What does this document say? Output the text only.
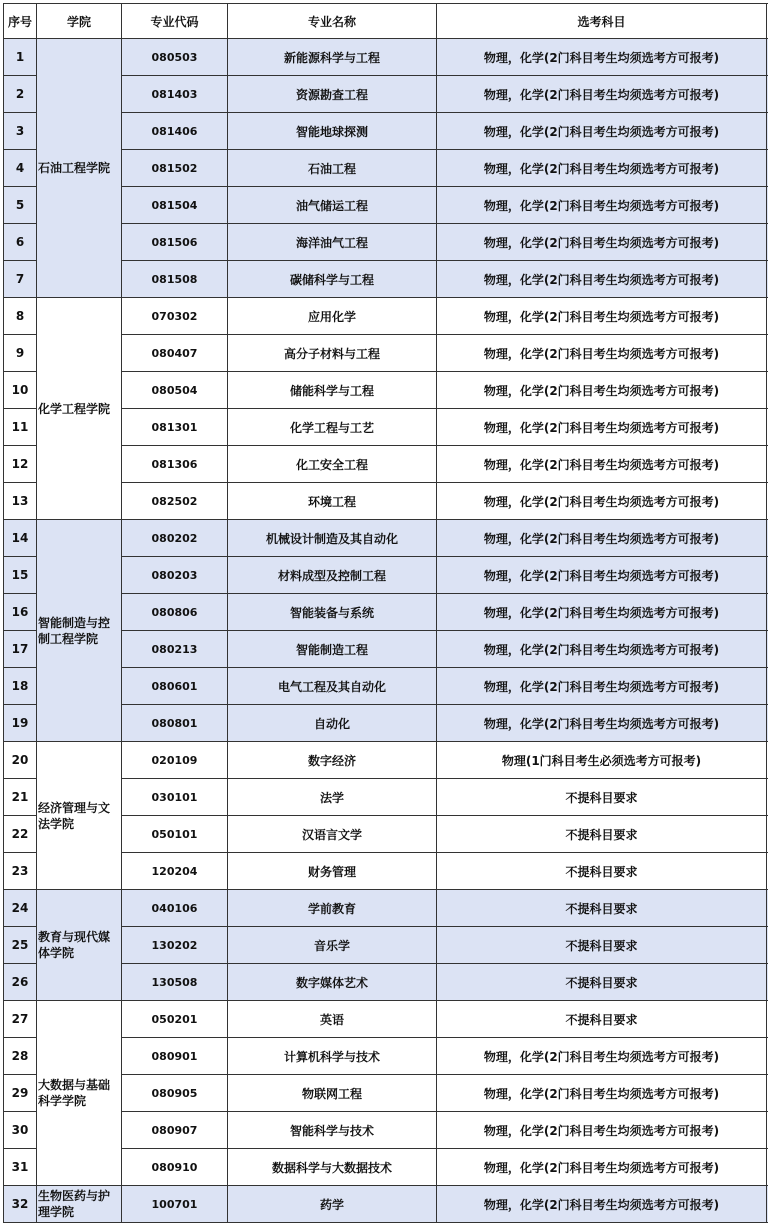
序号	学院	专业代码	专业名称	选考科目	
1	石油工程学院	080503	新能源科学与工程	物理，化学(2门科目考生均须选考方可报考)	
2		081403	资源勘查工程	物理，化学(2门科目考生均须选考方可报考)	
3		081406	智能地球探测	物理，化学(2门科目考生均须选考方可报考)	
4		081502	石油工程	物理，化学(2门科目考生均须选考方可报考)	
5		081504	油气储运工程	物理，化学(2门科目考生均须选考方可报考)	
6		081506	海洋油气工程	物理，化学(2门科目考生均须选考方可报考)	
7		081508	碳储科学与工程	物理，化学(2门科目考生均须选考方可报考)	
8	化学工程学院	070302	应用化学	物理，化学(2门科目考生均须选考方可报考)	
9		080407	高分子材料与工程	物理，化学(2门科目考生均须选考方可报考)	
10		080504	储能科学与工程	物理，化学(2门科目考生均须选考方可报考)	
11		081301	化学工程与工艺	物理，化学(2门科目考生均须选考方可报考)	
12		081306	化工安全工程	物理，化学(2门科目考生均须选考方可报考)	
13		082502	环境工程	物理，化学(2门科目考生均须选考方可报考)	
14	智能制造与控制工程学院	080202	机械设计制造及其自动化	物理，化学(2门科目考生均须选考方可报考)	
15		080203	材料成型及控制工程	物理，化学(2门科目考生均须选考方可报考)	
16		080806	智能装备与系统	物理，化学(2门科目考生均须选考方可报考)	
17		080213	智能制造工程	物理，化学(2门科目考生均须选考方可报考)	
18		080601	电气工程及其自动化	物理，化学(2门科目考生均须选考方可报考)	
19		080801	自动化	物理，化学(2门科目考生均须选考方可报考)	
20	经济管理与文法学院	020109	数字经济	物理(1门科目考生必须选考方可报考)	
21		030101	法学	不提科目要求	
22		050101	汉语言文学	不提科目要求	
23		120204	财务管理	不提科目要求	
24	教育与现代媒体学院	040106	学前教育	不提科目要求	
25		130202	音乐学	不提科目要求	
26		130508	数字媒体艺术	不提科目要求	
27	大数据与基础科学学院	050201	英语	不提科目要求	
28		080901	计算机科学与技术	物理，化学(2门科目考生均须选考方可报考)	
29		080905	物联网工程	物理，化学(2门科目考生均须选考方可报考)	
30		080907	智能科学与技术	物理，化学(2门科目考生均须选考方可报考)	
31		080910	数据科学与大数据技术	物理，化学(2门科目考生均须选考方可报考)	
32	生物医药与护理学院	100701	药学	物理，化学(2门科目考生均须选考方可报考)	
